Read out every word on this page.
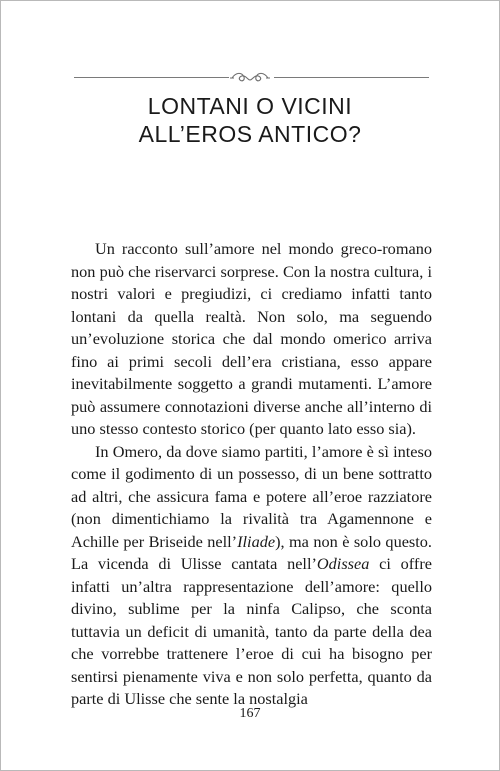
LONTANI O VICINI
ALL’EROS ANTICO?

Un racconto sull’amore nel mondo greco-romano non può che riservarci sorprese. Con la nostra cultura, i nostri valori e pregiudizi, ci crediamo infatti tanto lontani da quella realtà. Non solo, ma seguendo un’evoluzione storica che dal mondo omerico arriva fino ai primi secoli dell’era cristiana, esso appare inevitabilmente soggetto a grandi mutamenti. L’amore può assumere connotazioni diverse anche all’interno di uno stesso contesto storico (per quanto lato esso sia).

In Omero, da dove siamo partiti, l’amore è sì inteso come il godimento di un possesso, di un bene sottratto ad altri, che assicura fama e potere all’eroe razziatore (non dimentichiamo la rivalità tra Agamennone e Achille per Briseide nell’Iliade), ma non è solo questo. La vicenda di Ulisse cantata nell’Odissea ci offre infatti un’altra rappresentazione dell’amore: quello divino, sublime per la ninfa Calipso, che sconta tuttavia un deficit di umanità, tanto da parte della dea che vorrebbe trattenere l’eroe di cui ha bisogno per sentirsi pienamente viva e non solo perfetta, quanto da parte di Ulisse che sente la nostalgia

167
